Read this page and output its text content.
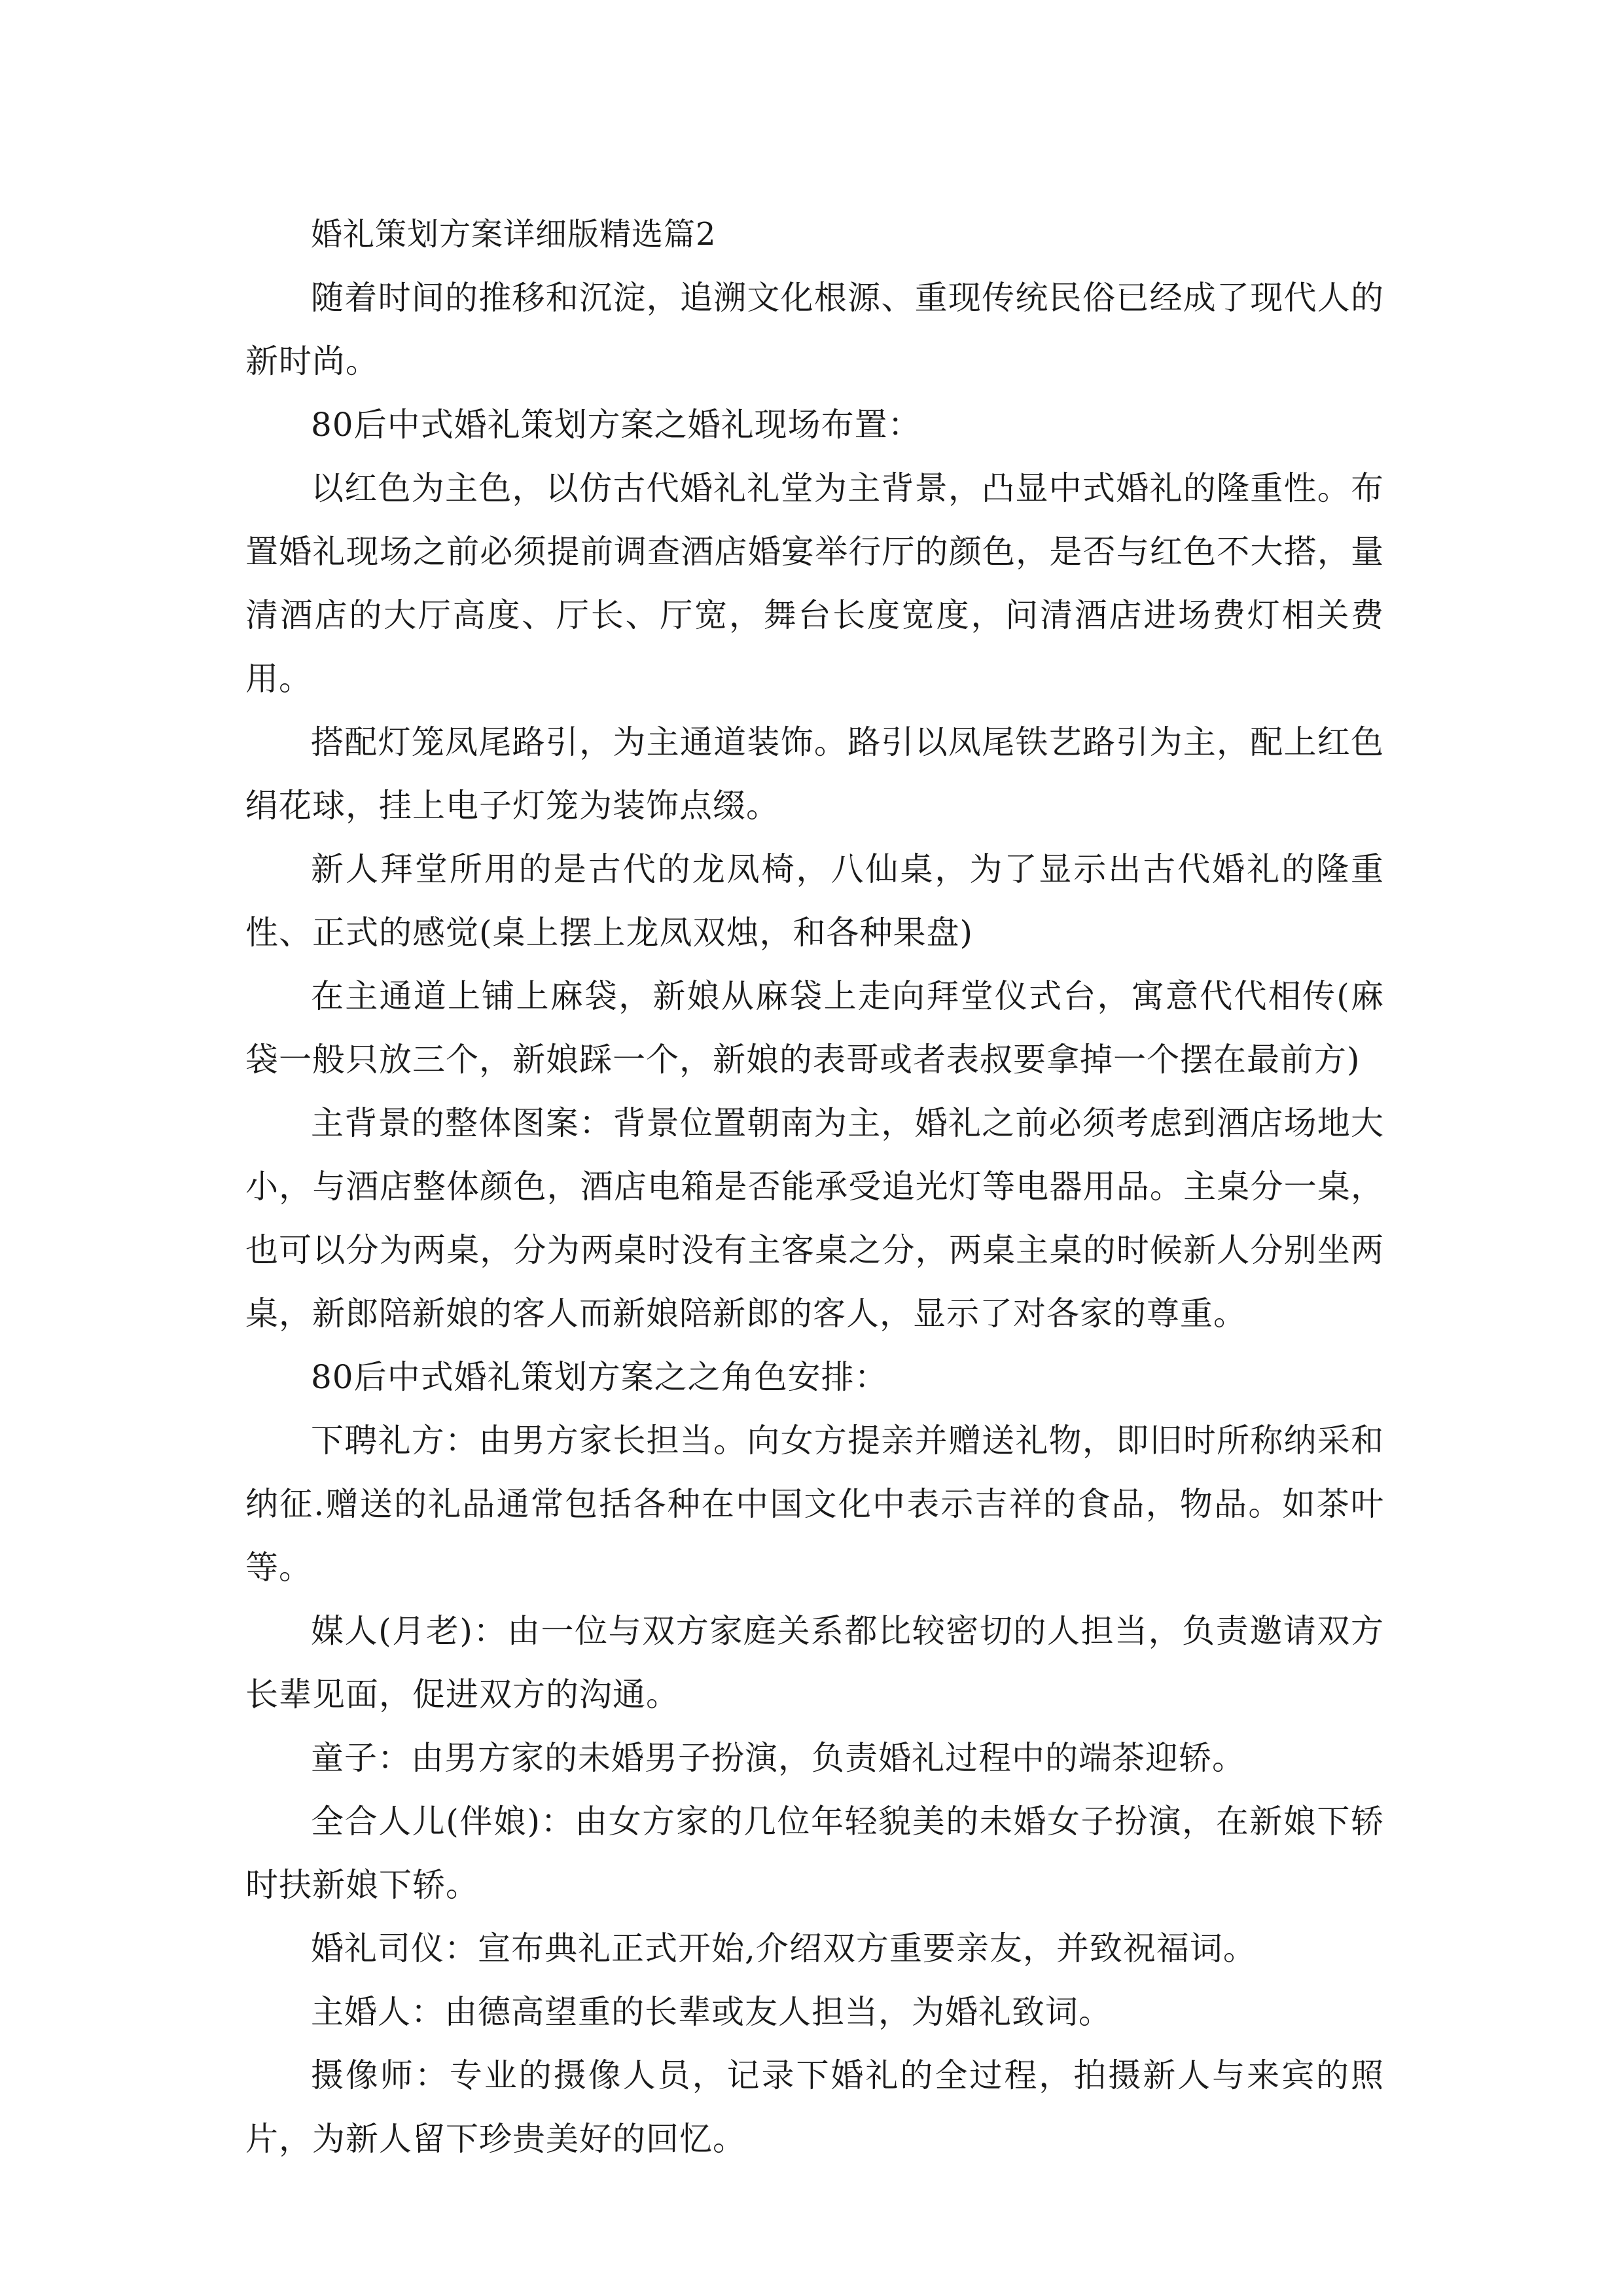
婚礼策划方案详细版精选篇2

随着时间的推移和沉淀，追溯文化根源、重现传统民俗已经成了现代人的新时尚。

80后中式婚礼策划方案之婚礼现场布置：

以红色为主色，以仿古代婚礼礼堂为主背景，凸显中式婚礼的隆重性。布置婚礼现场之前必须提前调查酒店婚宴举行厅的颜色，是否与红色不大搭，量清酒店的大厅高度、厅长、厅宽，舞台长度宽度，问清酒店进场费灯相关费用。

搭配灯笼凤尾路引，为主通道装饰。路引以凤尾铁艺路引为主，配上红色绢花球，挂上电子灯笼为装饰点缀。

新人拜堂所用的是古代的龙凤椅，八仙桌，为了显示出古代婚礼的隆重性、正式的感觉(桌上摆上龙凤双烛，和各种果盘)

在主通道上铺上麻袋，新娘从麻袋上走向拜堂仪式台，寓意代代相传(麻袋一般只放三个，新娘踩一个，新娘的表哥或者表叔要拿掉一个摆在最前方)

主背景的整体图案：背景位置朝南为主，婚礼之前必须考虑到酒店场地大小，与酒店整体颜色，酒店电箱是否能承受追光灯等电器用品。主桌分一桌，也可以分为两桌，分为两桌时没有主客桌之分，两桌主桌的时候新人分别坐两桌，新郎陪新娘的客人而新娘陪新郎的客人，显示了对各家的尊重。

80后中式婚礼策划方案之之角色安排：

下聘礼方：由男方家长担当。向女方提亲并赠送礼物，即旧时所称纳采和纳征.赠送的礼品通常包括各种在中国文化中表示吉祥的食品，物品。如茶叶等。

媒人(月老)：由一位与双方家庭关系都比较密切的人担当，负责邀请双方长辈见面，促进双方的沟通。

童子：由男方家的未婚男子扮演，负责婚礼过程中的端茶迎轿。

全合人儿(伴娘)：由女方家的几位年轻貌美的未婚女子扮演，在新娘下轿时扶新娘下轿。

婚礼司仪：宣布典礼正式开始,介绍双方重要亲友，并致祝福词。

主婚人：由德高望重的长辈或友人担当，为婚礼致词。

摄像师：专业的摄像人员，记录下婚礼的全过程，拍摄新人与来宾的照片，为新人留下珍贵美好的回忆。
